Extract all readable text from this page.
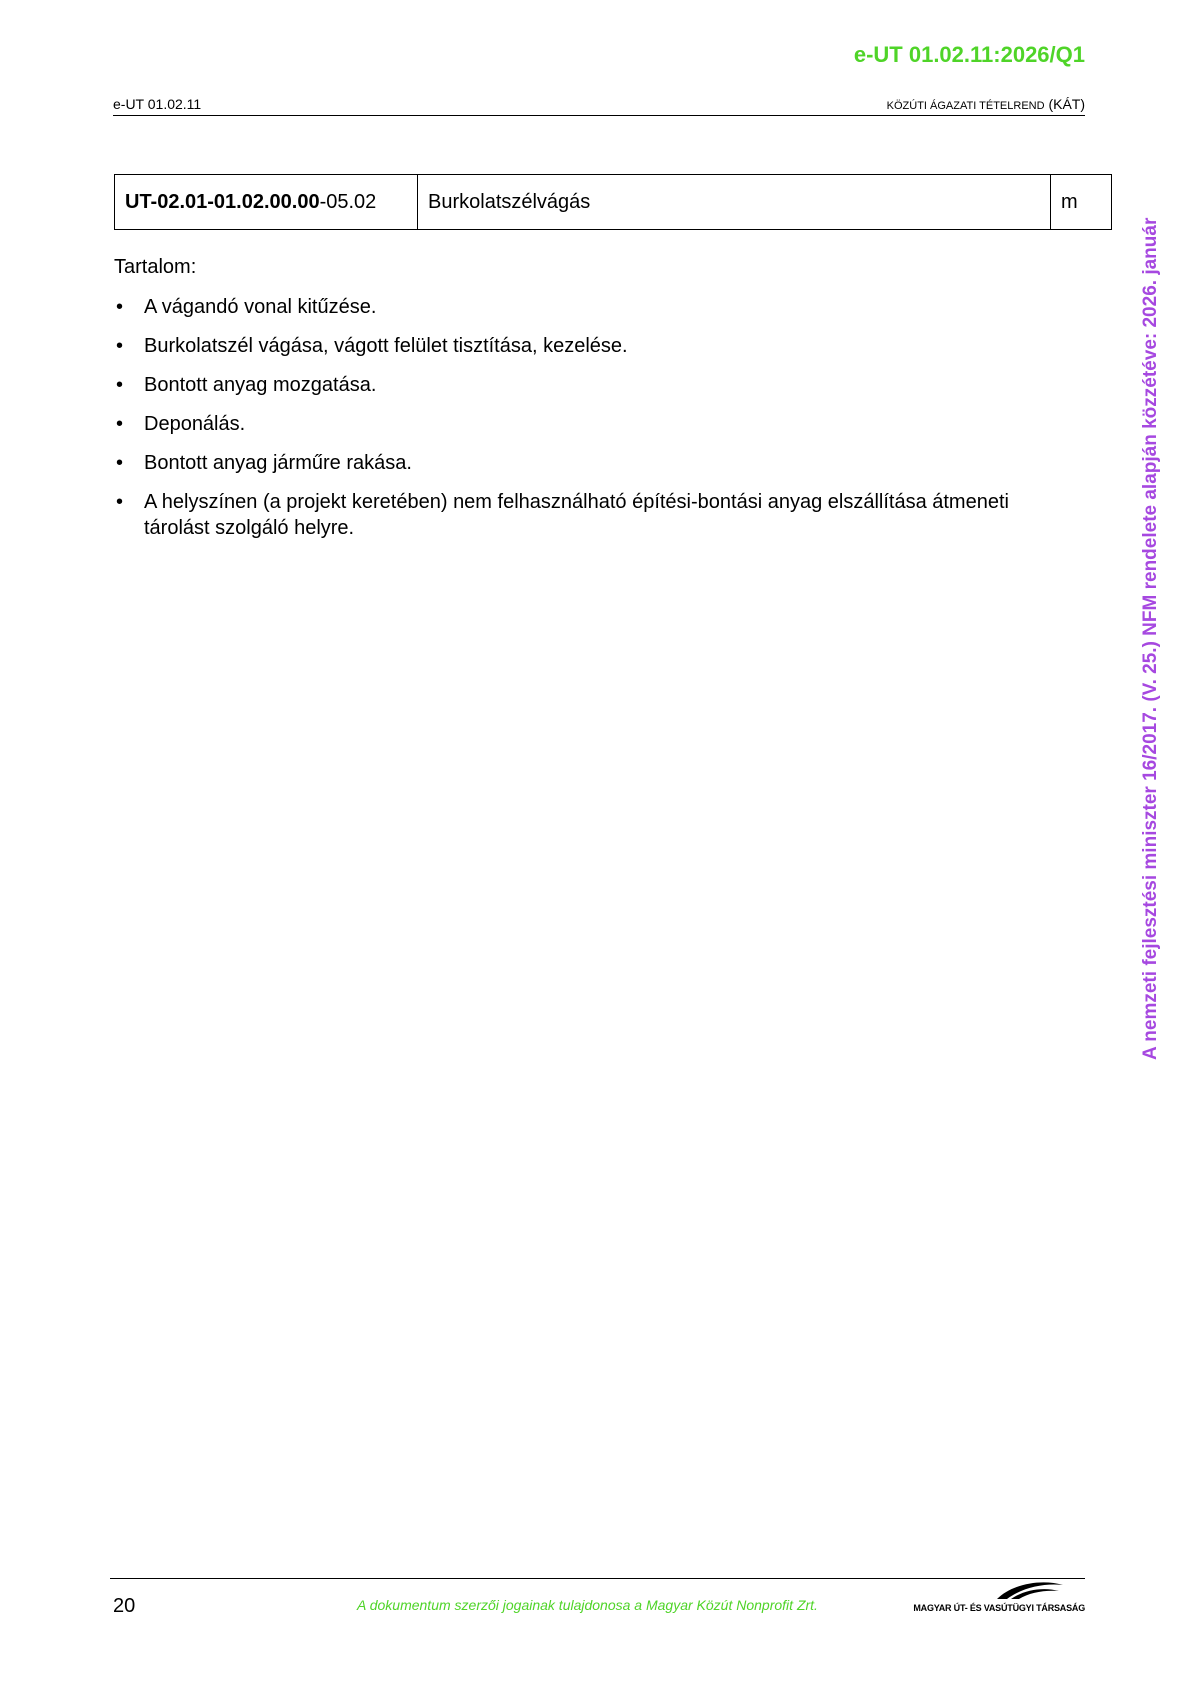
e-UT 01.02.11:2026/Q1
e-UT 01.02.11	KÖZÚTI ÁGAZATI TÉTELREND (KÁT)
UT-02.01-01.02.00.00-05.02	Burkolatszélvágás	m
Tartalom:
• A vágandó vonal kitűzése.
• Burkolatszél vágása, vágott felület tisztítása, kezelése.
• Bontott anyag mozgatása.
• Deponálás.
• Bontott anyag járműre rakása.
• A helyszínen (a projekt keretében) nem felhasználható építési-bontási anyag elszállítása átmeneti tárolást szolgáló helyre.	A nemzeti fejlesztési miniszter 16/2017. (V. 25.) NFM rendelete alapján közzétéve: 2026. január
20	A dokumentum szerzői jogainak tulajdonosa a Magyar Közút Nonprofit Zrt.	MAGYAR ÚT- ÉS VASÚTÜGYI TÁRSASÁG
